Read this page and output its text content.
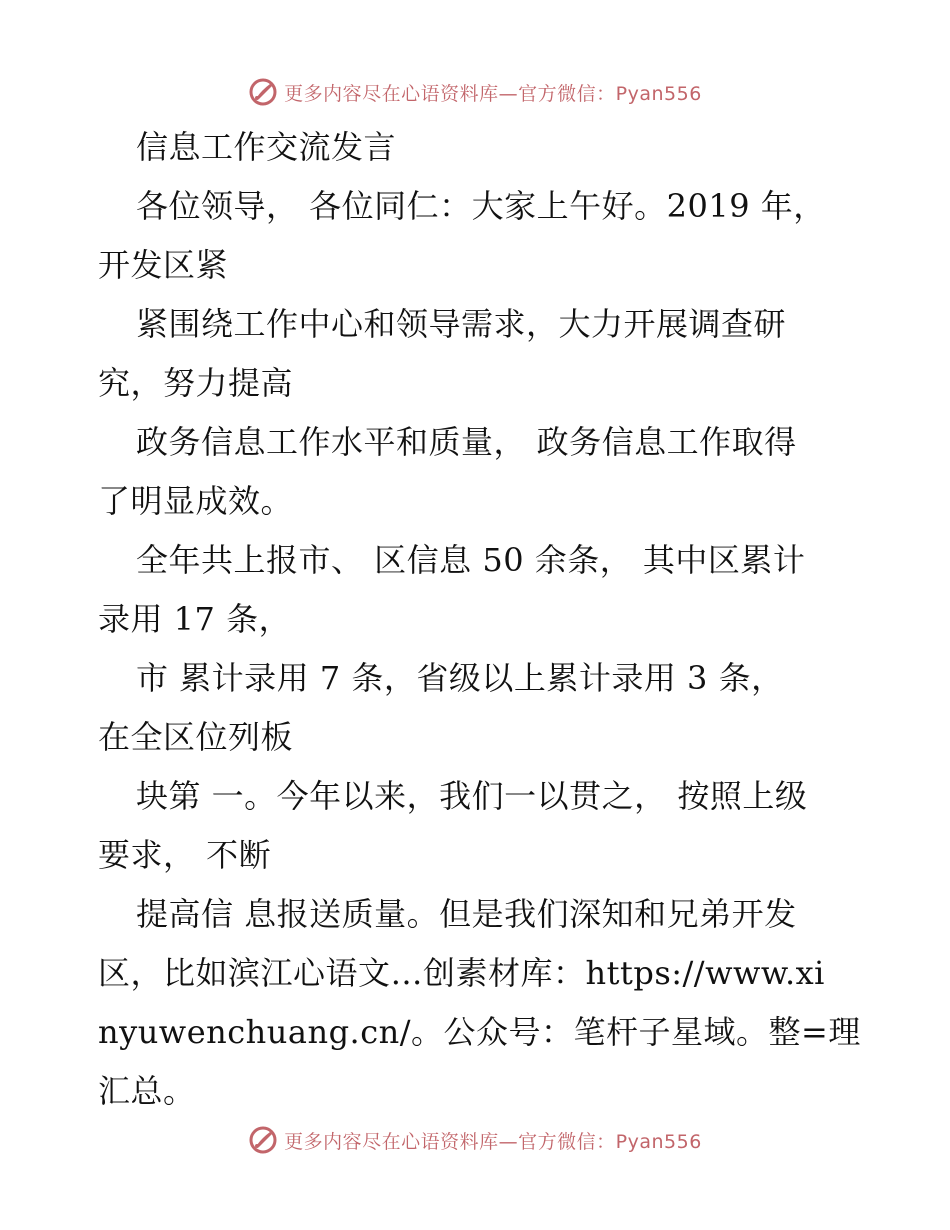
更多内容尽在心语资料库—官方微信：Pyan556
信息工作交流发言
各位领导， 各位同仁：大家上午好。2019 年，
开发区紧
紧围绕工作中心和领导需求，大力开展调查研
究，努力提高
政务信息工作水平和质量， 政务信息工作取得
了明显成效。
全年共上报市、 区信息 50 余条， 其中区累计
录用 17 条，
市 累计录用 7 条，省级以上累计录用 3 条，
在全区位列板
块第 一。今年以来，我们一以贯之， 按照上级
要求， 不断
提高信 息报送质量。但是我们深知和兄弟开发
区，比如滨江心语文…创素材库：https://www.xi
nyuwenchuang.cn/。公众号：笔杆子星域。整=理
汇总。
更多内容尽在心语资料库—官方微信：Pyan556
